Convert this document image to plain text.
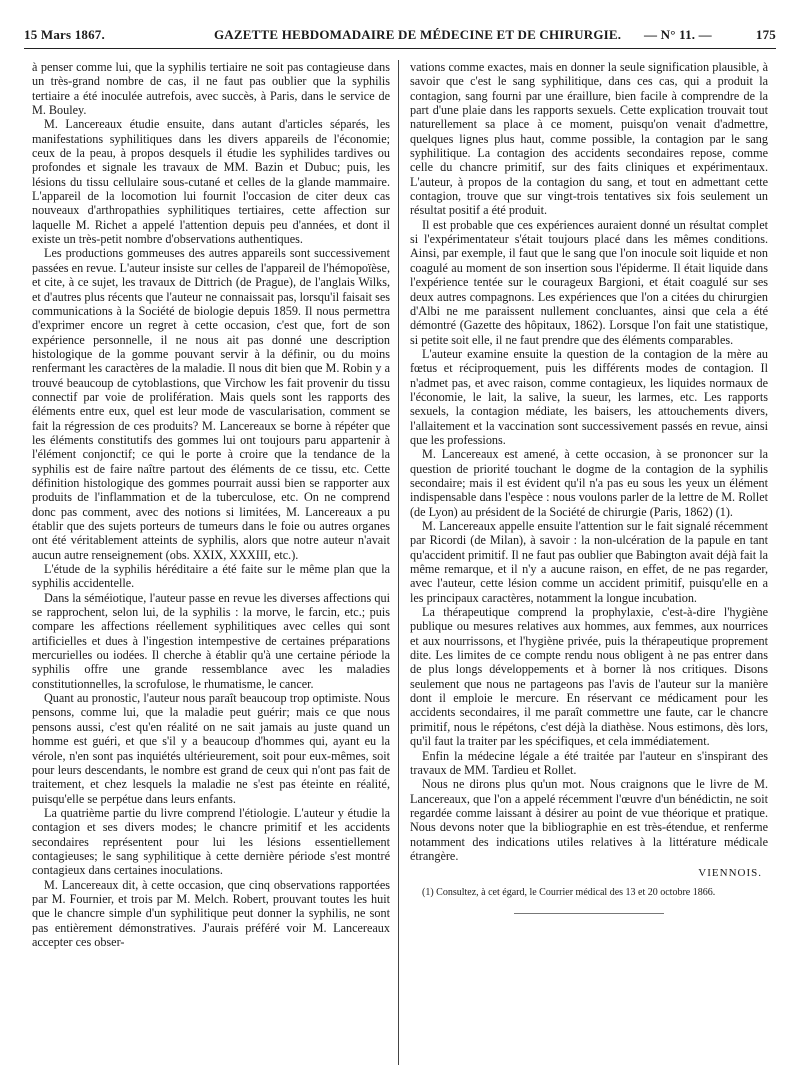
15 Mars 1867.	GAZETTE HEBDOMADAIRE DE MÉDECINE ET DE CHIRURGIE. — N° 11. —	175

à penser comme lui, que la syphilis tertiaire ne soit pas contagieuse dans un très-grand nombre de cas, il ne faut pas oublier que la syphilis tertiaire a été inoculée autrefois, avec succès, à Paris, dans le service de M. Bouley.

M. Lancereaux étudie ensuite, dans autant d'articles séparés, les manifestations syphilitiques dans les divers appareils de l'économie; ceux de la peau, à propos desquels il étudie les syphilides tardives ou profondes et signale les travaux de MM. Bazin et Dubuc; puis, les lésions du tissu cellulaire sous-cutané et celles de la glande mammaire. L'appareil de la locomotion lui fournit l'occasion de citer deux cas nouveaux d'arthropathies syphilitiques tertiaires, cette affection sur laquelle M. Richet a appelé l'attention depuis peu d'années, et dont il existe un très-petit nombre d'observations authentiques.

Les productions gommeuses des autres appareils sont successivement passées en revue. L'auteur insiste sur celles de l'appareil de l'hémopoïèse, et cite, à ce sujet, les travaux de Dittrich (de Prague), de l'anglais Wilks, et d'autres plus récents que l'auteur ne connaissait pas, lorsqu'il faisait ses communications à la Société de biologie depuis 1859. Il nous permettra d'exprimer encore un regret à cette occasion, c'est que, fort de son expérience personnelle, il ne nous ait pas donné une description histologique de la gomme pouvant servir à la définir, ou du moins renfermant les caractères de la maladie. Il nous dit bien que M. Robin y a trouvé beaucoup de cytoblastions, que Virchow les fait provenir du tissu connectif par voie de prolifération. Mais quels sont les rapports des éléments entre eux, quel est leur mode de vascularisation, comment se fait la régression de ces produits? M. Lancereaux se borne à répéter que les éléments constitutifs des gommes lui ont toujours paru appartenir à l'élément conjonctif; ce qui le porte à croire que la tendance de la syphilis est de faire naître partout des éléments de ce tissu, etc. Cette définition histologique des gommes pourrait aussi bien se rapporter aux produits de l'inflammation et de la tuberculose, etc. On ne comprend donc pas comment, avec des notions si limitées, M. Lancereaux a pu établir que des sujets porteurs de tumeurs dans le foie ou autres organes ont été véritablement atteints de syphilis, alors que notre auteur n'avait aucun autre renseignement (obs. XXIX, XXXIII, etc.).

L'étude de la syphilis héréditaire a été faite sur le même plan que la syphilis accidentelle.

Dans la séméiotique, l'auteur passe en revue les diverses affections qui se rapprochent, selon lui, de la syphilis : la morve, le farcin, etc.; puis compare les affections réellement syphilitiques avec celles qui sont artificielles et dues à l'ingestion intempestive de certaines préparations mercurielles ou iodées. Il cherche à établir qu'à une certaine période la syphilis offre une grande ressemblance avec les maladies constitutionnelles, la scrofulose, le rhumatisme, le cancer.

Quant au pronostic, l'auteur nous paraît beaucoup trop optimiste. Nous pensons, comme lui, que la maladie peut guérir; mais ce que nous pensons aussi, c'est qu'en réalité on ne sait jamais au juste quand un homme est guéri, et que s'il y a beaucoup d'hommes qui, ayant eu la vérole, n'en sont pas inquiétés ultérieurement, soit pour eux-mêmes, soit pour leurs descendants, le nombre est grand de ceux qui n'ont pas fait de traitement, et chez lesquels la maladie ne s'est pas éteinte en réalité, puisqu'elle se perpétue dans leurs enfants.

La quatrième partie du livre comprend l'étiologie. L'auteur y étudie la contagion et ses divers modes; le chancre primitif et les accidents secondaires représentent pour lui les lésions essentiellement contagieuses; le sang syphilitique à cette dernière période s'est montré contagieux dans certaines inoculations.

M. Lancereaux dit, à cette occasion, que cinq observations rapportées par M. Fournier, et trois par M. Melch. Robert, prouvant toutes les huit que le chancre simple d'un syphilitique peut donner la syphilis, ne sont pas entièrement démonstratives. J'aurais préféré voir M. Lancereaux accepter ces obser-

vations comme exactes, mais en donner la seule signification plausible, à savoir que c'est le sang syphilitique, dans ces cas, qui a produit la contagion, sang fourni par une éraillure, bien facile à comprendre de la part d'une plaie dans les rapports sexuels. Cette explication trouvait tout naturellement sa place à ce moment, puisqu'on venait d'admettre, quelques lignes plus haut, comme possible, la contagion par le sang syphilitique. La contagion des accidents secondaires repose, comme celle du chancre primitif, sur des faits cliniques et expérimentaux. L'auteur, à propos de la contagion du sang, et tout en admettant cette contagion, trouve que sur vingt-trois tentatives six fois seulement un résultat positif a été produit.

Il est probable que ces expériences auraient donné un résultat complet si l'expérimentateur s'était toujours placé dans les mêmes conditions. Ainsi, par exemple, il faut que le sang que l'on inocule soit liquide et non coagulé au moment de son insertion sous l'épiderme. Il était liquide dans l'expérience tentée sur le courageux Bargioni, et était coagulé sur ses deux autres compagnons. Les expériences que l'on a citées du chirurgien d'Albi ne me paraissent nullement concluantes, ainsi que cela a été démontré (Gazette des hôpitaux, 1862). Lorsque l'on fait une statistique, si petite soit elle, il ne faut prendre que des éléments comparables.

L'auteur examine ensuite la question de la contagion de la mère au fœtus et réciproquement, puis les différents modes de contagion. Il n'admet pas, et avec raison, comme contagieux, les liquides normaux de l'économie, le lait, la salive, la sueur, les larmes, etc. Les rapports sexuels, la contagion médiate, les baisers, les attouchements divers, l'allaitement et la vaccination sont successivement passés en revue, ainsi que les professions.

M. Lancereaux est amené, à cette occasion, à se prononcer sur la question de priorité touchant le dogme de la contagion de la syphilis secondaire; mais il est évident qu'il n'a pas eu sous les yeux un élément indispensable dans l'espèce : nous voulons parler de la lettre de M. Rollet (de Lyon) au président de la Société de chirurgie (Paris, 1862) (1).

M. Lancereaux appelle ensuite l'attention sur le fait signalé récemment par Ricordi (de Milan), à savoir : la non-ulcération de la papule en tant qu'accident primitif. Il ne faut pas oublier que Babington avait déjà fait la même remarque, et il n'y a aucune raison, en effet, de ne pas regarder, avec l'auteur, cette lésion comme un accident primitif, puisqu'elle en a les principaux caractères, notamment la longue incubation.

La thérapeutique comprend la prophylaxie, c'est-à-dire l'hygiène publique ou mesures relatives aux hommes, aux femmes, aux nourrices et aux nourrissons, et l'hygiène privée, puis la thérapeutique proprement dite. Les limites de ce compte rendu nous obligent à ne pas entrer dans de plus longs développements et à borner là nos critiques. Disons seulement que nous ne partageons pas l'avis de l'auteur sur la manière dont il emploie le mercure. En réservant ce médicament pour les accidents secondaires, il me paraît commettre une faute, car le chancre primitif, nous le répétons, c'est déjà la diathèse. Nous estimons, dès lors, qu'il faut la traiter par les spécifiques, et cela immédiatement.

Enfin la médecine légale a été traitée par l'auteur en s'inspirant des travaux de MM. Tardieu et Rollet.

Nous ne dirons plus qu'un mot. Nous craignons que le livre de M. Lancereaux, que l'on a appelé récemment l'œuvre d'un bénédictin, ne soit regardée comme laissant à désirer au point de vue théorique et pratique. Nous devons noter que la bibliographie en est très-étendue, et renferme notamment des indications utiles relatives à la littérature médicale étrangère.

VIENNOIS.

(1) Consultez, à cet égard, le Courrier médical des 13 et 20 octobre 1866.
